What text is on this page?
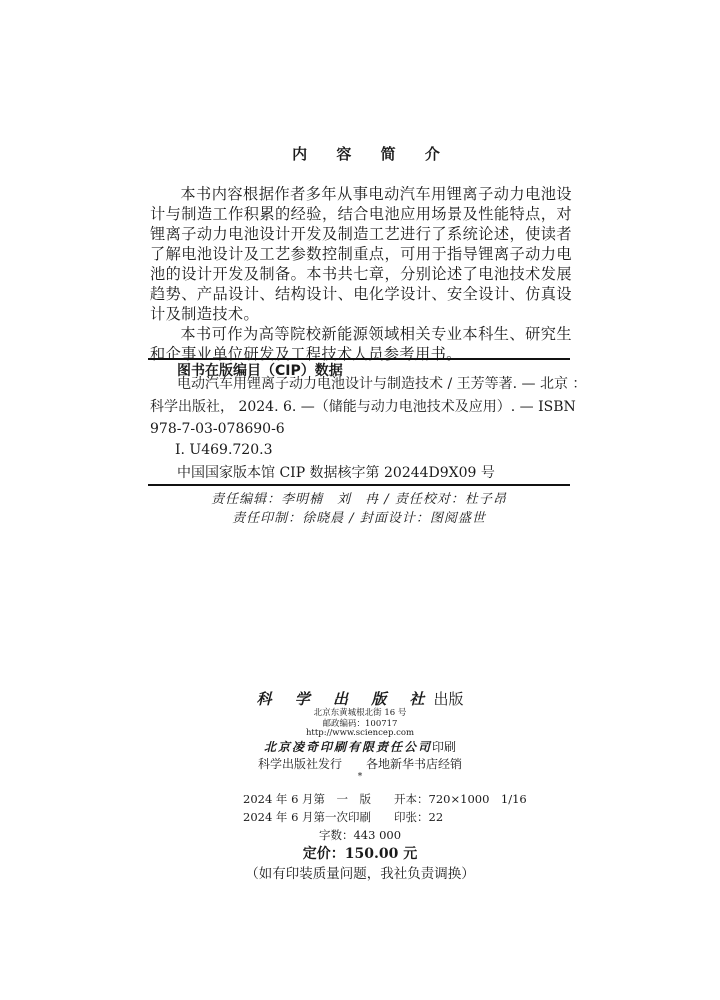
内 容 简 介

本书内容根据作者多年从事电动汽车用锂离子动力电池设计与制造工作积累的经验，结合电池应用场景及性能特点，对锂离子动力电池设计开发及制造工艺进行了系统论述，使读者了解电池设计及工艺参数控制重点，可用于指导锂离子动力电池的设计开发及制备。本书共七章，分别论述了电池技术发展趋势、产品设计、结构设计、电化学设计、安全设计、仿真设计及制造技术。

本书可作为高等院校新能源领域相关专业本科生、研究生和企事业单位研发及工程技术人员参考用书。

图书在版编目（CIP）数据
电动汽车用锂离子动力电池设计与制造技术 / 王芳等著. — 北京 ：
科学出版社， 2024. 6. —（储能与动力电池技术及应用）. — ISBN
978-7-03-078690-6
Ⅰ. U469.720.3
中国国家版本馆 CIP 数据核字第 20244D9X09 号
责任编辑：李明楠　刘　冉 / 责任校对：杜子昂
责任印制：徐晓晨 / 封面设计：图阅盛世
科 学 出 版 社出版
北京东黄城根北街 16 号
邮政编码：100717
http://www.sciencep.com
北京凌奇印刷有限责任公司印刷
科学出版社发行　　各地新华书店经销
*
2024 年 6 月第　一　版　　开本：720×1000　1/16
2024 年 6 月第一次印刷　　印张：22
字数：443 000
定价：150.00 元
（如有印装质量问题，我社负责调换）
